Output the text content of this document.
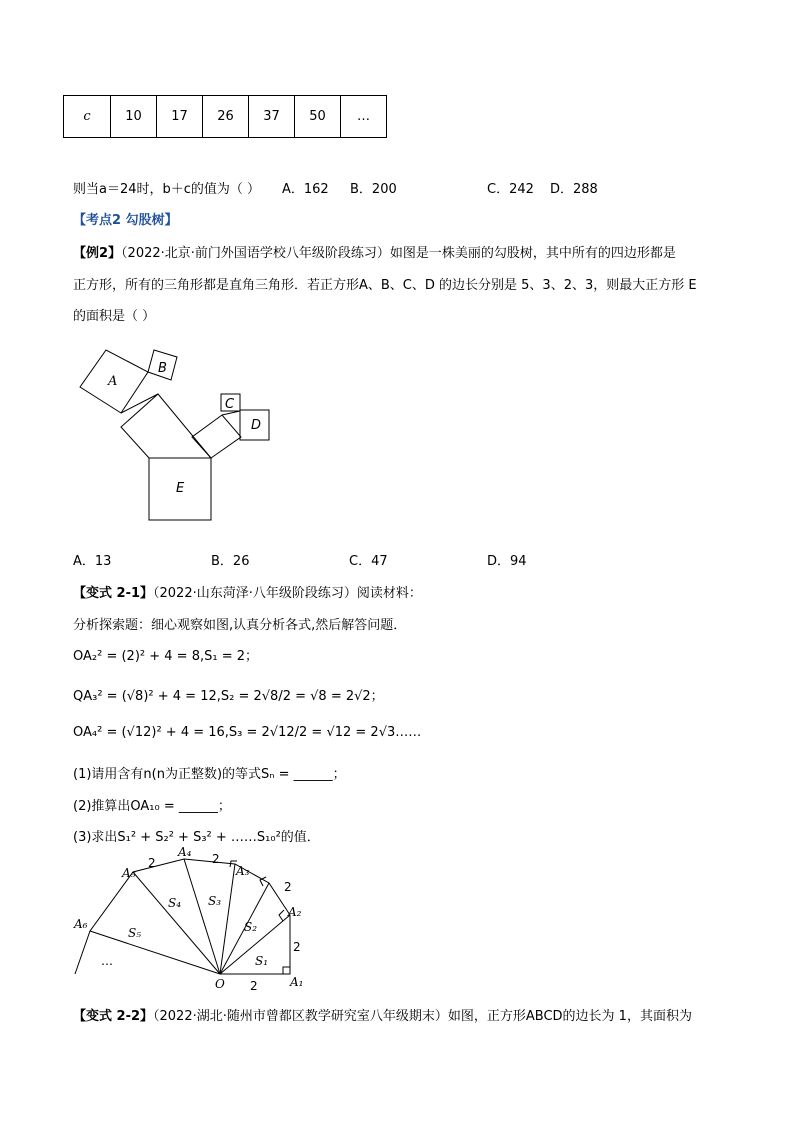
c	10	17	26	37	50	…
则当a＝24时，b＋c的值为（ ） A．162 B．200	C．242 D．288
【考点2 勾股树】
【例2】（2022·北京·前门外国语学校八年级阶段练习）如图是一株美丽的勾股树，其中所有的四边形都是
正方形，所有的三角形都是直角三角形．若正方形A、B、C、D 的边长分别是 5、3、2、3，则最大正方形 E
的面积是（ ）
A
B
C
D
E
A．13	B．26	C．47	D．94
【变式 2-1】（2022·山东菏泽·八年级阶段练习）阅读材料：
分析探索题：细心观察如图,认真分析各式,然后解答问题．
OA₂² = (2)² + 4 = 8,S₁ = 2；
QA₃² = (√8)² + 4 = 12,S₂ = 2√8/2 = √8 = 2√2；
OA₄² = (√12)² + 4 = 16,S₃ = 2√12/2 = √12 = 2√3……
(1)请用含有n(n为正整数)的等式Sₙ = ______；
(2)推算出OA₁₀ = ______；
(3)求出S₁² + S₂² + S₃² + ……S₁₀²的值．
A₁
A₂
A₃
A₄
A₅
A₆
O
S₁
S₂
S₃
S₄
S₅
2
2
2
2
2
…
【变式 2-2】（2022·湖北·随州市曾都区教学研究室八年级期末）如图，正方形ABCD的边长为 1，其面积为
